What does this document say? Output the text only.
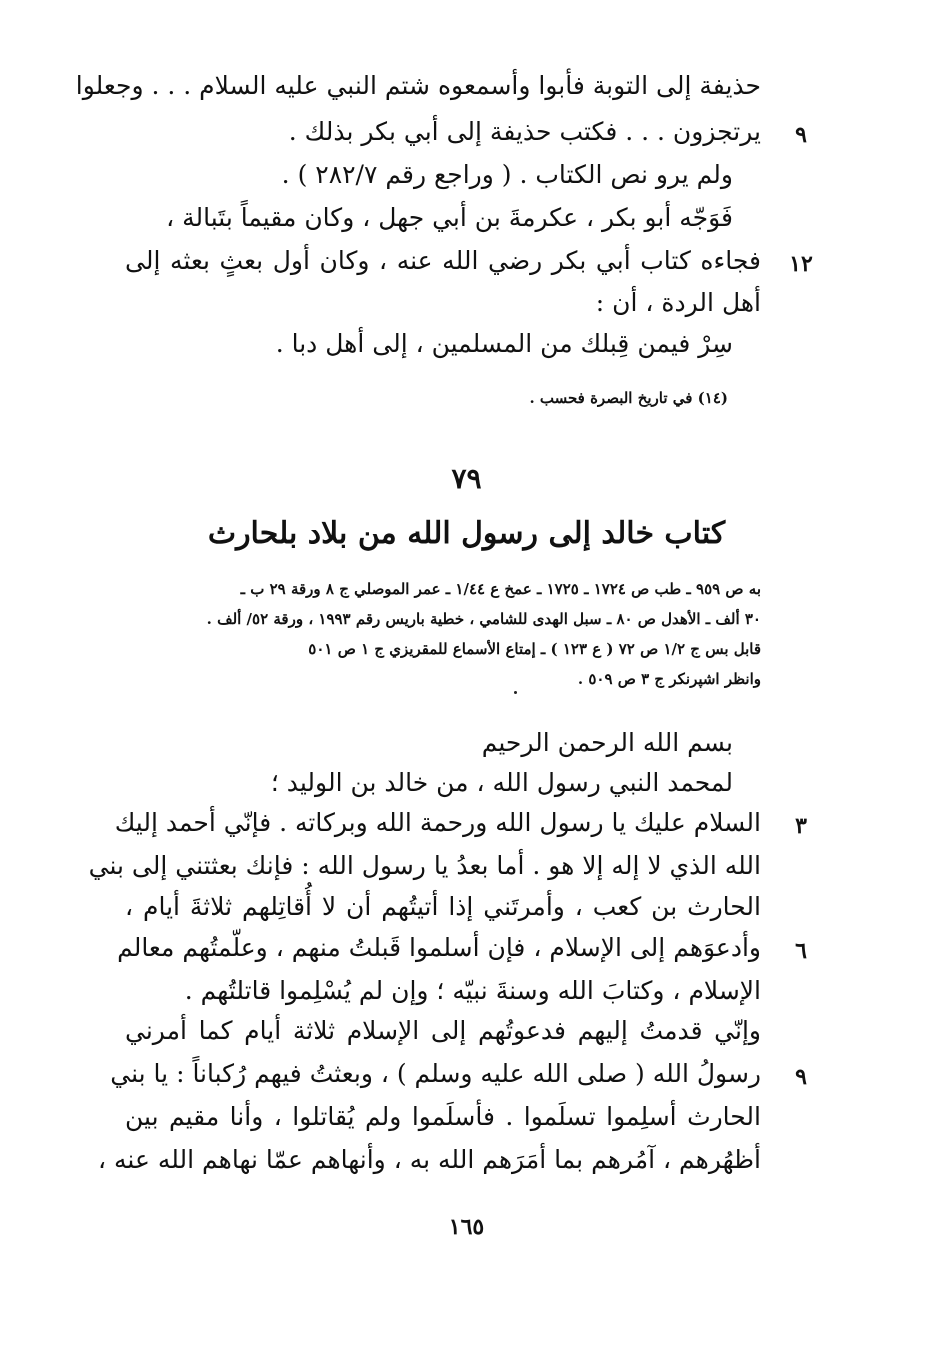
حذيفة إلى التوبة فأبوا وأسمعوه شتم النبي عليه السلام . . . وجعلوا
يرتجزون . . . فكتب حذيفة إلى أبي بكر بذلك .	٩
ولم يرو نص الكتاب . ( وراجع رقم ٢٨٢/٧ ) .
فَوَجّه أبو بكر ، عكرمةَ بن أبي جهل ، وكان مقيماً بتَبالة ،
فجاءه كتاب أبي بكر رضي الله عنه ، وكان أول بعثٍ بعثه إلى	١٢
أهل الردة ، أن :
سِرْ فيمن قِبلك من المسلمين ، إلى أهل دبا .
(١٤) في تاريخ البصرة فحسب .
٧٩
كتاب خالد إلى رسول الله من بلاد بلحارث
به ص ٩٥٩ ـ طب ص ١٧٢٤ ـ ١٧٢٥ ـ عمخ ع ١/٤٤ ـ عمر الموصلي ج ٨ ورقة ٢٩ ب ـ
٣٠ ألف ـ الأهدل ص ٨٠ ـ سبل الهدى للشامي ، خطية باريس رقم ١٩٩٣ ، ورقة ٥٢/ ألف .
قابل بس ج ١/٢ ص ٧٢ ( ع ١٢٣ ) ـ إمتاع الأسماع للمقريزي ج ١ ص ٥٠١
وانظر اشپرنكر ج ٣ ص ٥٠٩ .
بسم الله الرحمن الرحيم
لمحمد النبي رسول الله ، من خالد بن الوليد ؛
السلام عليك يا رسول الله ورحمة الله وبركاته . فإنّي أحمد إليك	٣
الله الذي لا إله إلا هو . أما بعدُ يا رسول الله : فإنك بعثتني إلى بني
الحارث بن كعب ، وأمرتَني إذا أتيتُهم أن لا أُقاتِلهم ثلاثةَ أيام ،
وأدعوَهم إلى الإسلام ، فإن أسلموا قَبلتُ منهم ، وعلّمتُهم معالم	٦
الإسلام ، وكتابَ الله وسنةَ نبيّه ؛ وإن لم يُسْلِموا قاتلتُهم .
وإنّي قدمتُ إليهم فدعوتُهم إلى الإسلام ثلاثة أيام كما أمرني
رسولُ الله ( صلى الله عليه وسلم ) ، وبعثتُ فيهم رُكباناً : يا بني	٩
الحارث أسلِموا تسلَموا . فأسلَموا ولم يُقاتلوا ، وأنا مقيم بين
أظهُرهم ، آمُرهم بما أمَرَهم الله به ، وأنهاهم عمّا نهاهم الله عنه ،
١٦٥
